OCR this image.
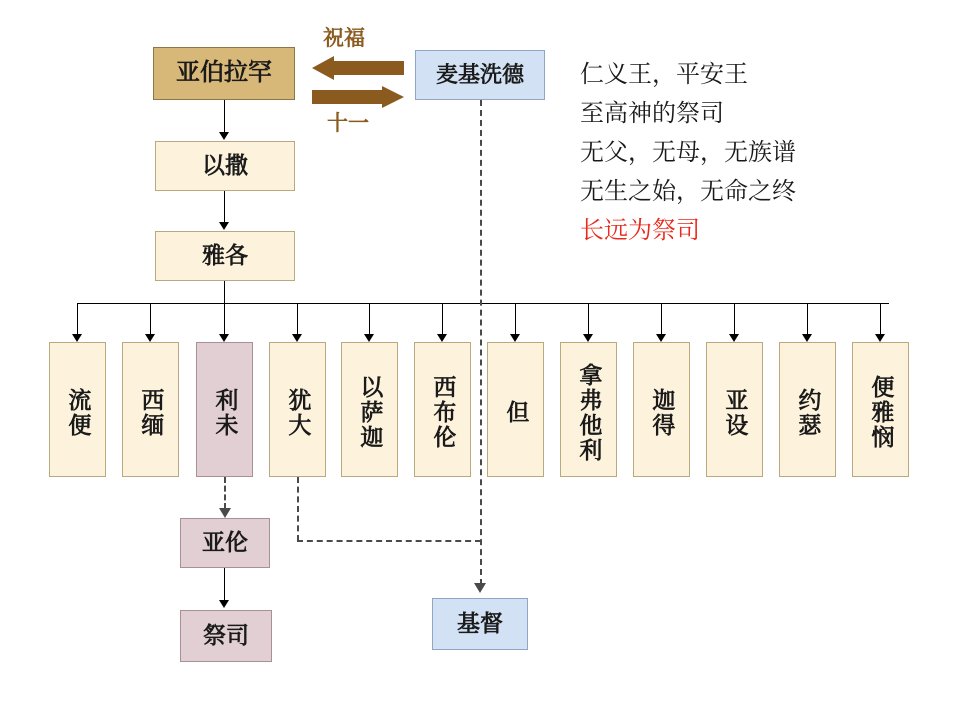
亚伯拉罕	麦基洗德
祝福
十一
仁义王，平安王
至高神的祭司
无父，无母，无族谱
无生之始，无命之终
长远为祭司
以撒
雅各
流便 西缅 利未 犹大 以萨迦 西布伦 但 拿弗他利 迦得 亚设 约瑟 便雅悯
亚伦
祭司	基督
